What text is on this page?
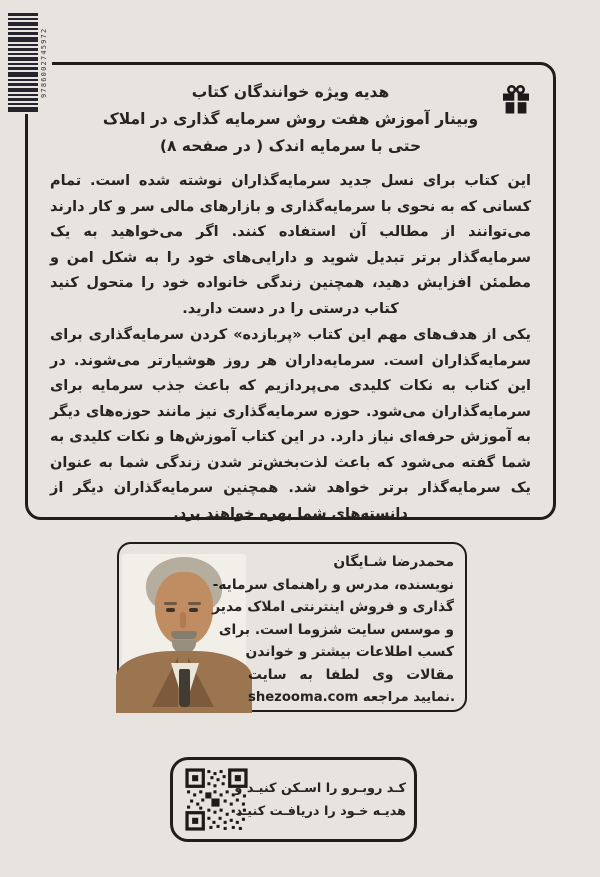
9786002745972	هدیه ویژه خوانندگان کتاب
وبینار آموزش هفت روش سرمایه گذاری در املاک
حتی با سرمایه اندک ( در صفحه ۸)

این کتاب برای نسل جدید سرمایه‌گذاران نوشته شده است. تمام کسانی که به نحوی با سرمایه‌گذاری و بازارهای مالی سر و کار دارند می‌توانند از مطالب آن استفاده کنند. اگر می‌خواهید به یک سرمایه‌گذار برتر تبدیل شوید و دارایی‌های خود را به شکل امن و مطمئن افزایش دهید، همچنین زندگی خانواده خود را متحول کنید کتاب درستی را در دست دارید.

یکی از هدف‌های مهم این کتاب «پربازده» کردن سرمایه‌گذاری برای سرمایه‌گذاران است. سرمایه‌داران هر روز هوشیارتر می‌شوند. در این کتاب به نکات کلیدی می‌پردازیم که باعث جذب سرمایه برای سرمایه‌گذاران می‌شود. حوزه سرمایه‌گذاری نیز مانند حوزه‌های دیگر به آموزش حرفه‌ای نیاز دارد. در این کتاب آموزش‌ها و نکات کلیدی به شما گفته می‌شود که باعث لذت‌بخش‌تر شدن زندگی شما به عنوان یک سرمایه‌گذار برتر خواهد شد. همچنین سرمایه‌گذاران دیگر از دانسته‌های شما بهره خواهند برد.

محمدرضا شـایگان
نویسنده، مدرس و راهنمای سرمایه-
گذاری و فروش اینترنتی املاک مدیر
و موسس سایت شزوما است. برای
کسب اطلاعات بیشتر و خواندن
مقالات وی لطفا به سایت
shezooma.com مراجعه‎ نمایید.
کـد روبـرو را اسـکن کنیـد و
هدیـه خـود را دریافـت کنیـد
